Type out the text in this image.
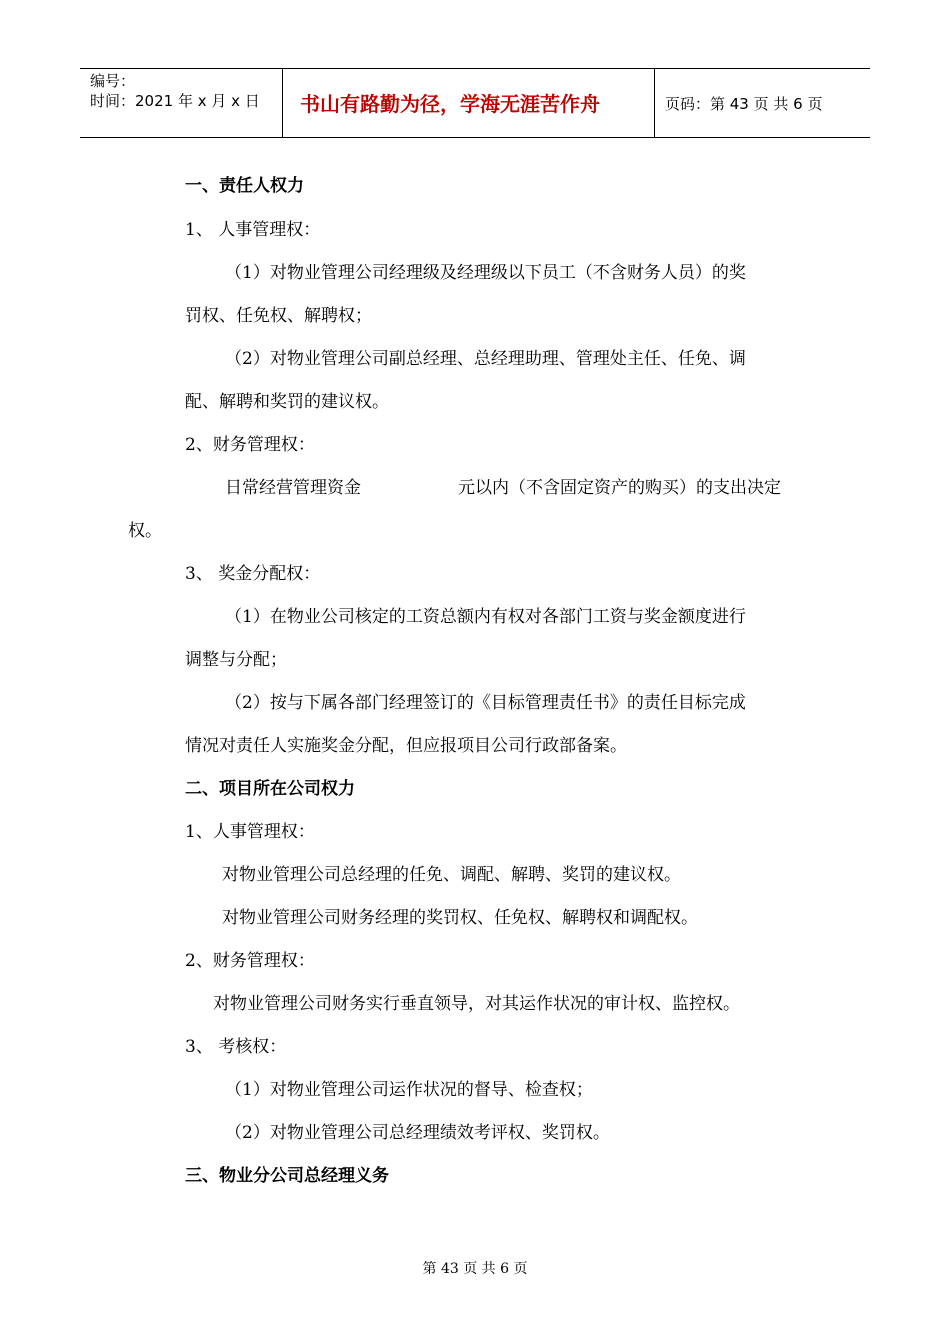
编号：
时间：2021 年 x 月 x 日 书山有路勤为径，学海无涯苦作舟	页码：第 43 页 共 6 页
一、责任人权力
1、 人事管理权：
（1）对物业管理公司经理级及经理级以下员工（不含财务人员）的奖
罚权、任免权、解聘权；
（2）对物业管理公司副总经理、总经理助理、管理处主任、任免、调
配、解聘和奖罚的建议权。
2、财务管理权：
日常经营管理资金	元以内（不含固定资产的购买）的支出决定
权。
3、 奖金分配权：
（1）在物业公司核定的工资总额内有权对各部门工资与奖金额度进行
调整与分配；
（2）按与下属各部门经理签订的《目标管理责任书》的责任目标完成
情况对责任人实施奖金分配，但应报项目公司行政部备案。
二、项目所在公司权力
1、人事管理权：
对物业管理公司总经理的任免、调配、解聘、奖罚的建议权。
对物业管理公司财务经理的奖罚权、任免权、解聘权和调配权。
2、财务管理权：
对物业管理公司财务实行垂直领导，对其运作状况的审计权、监控权。
3、 考核权：
（1）对物业管理公司运作状况的督导、检查权；
（2）对物业管理公司总经理绩效考评权、奖罚权。
三、物业分公司总经理义务
第 43 页 共 6 页
